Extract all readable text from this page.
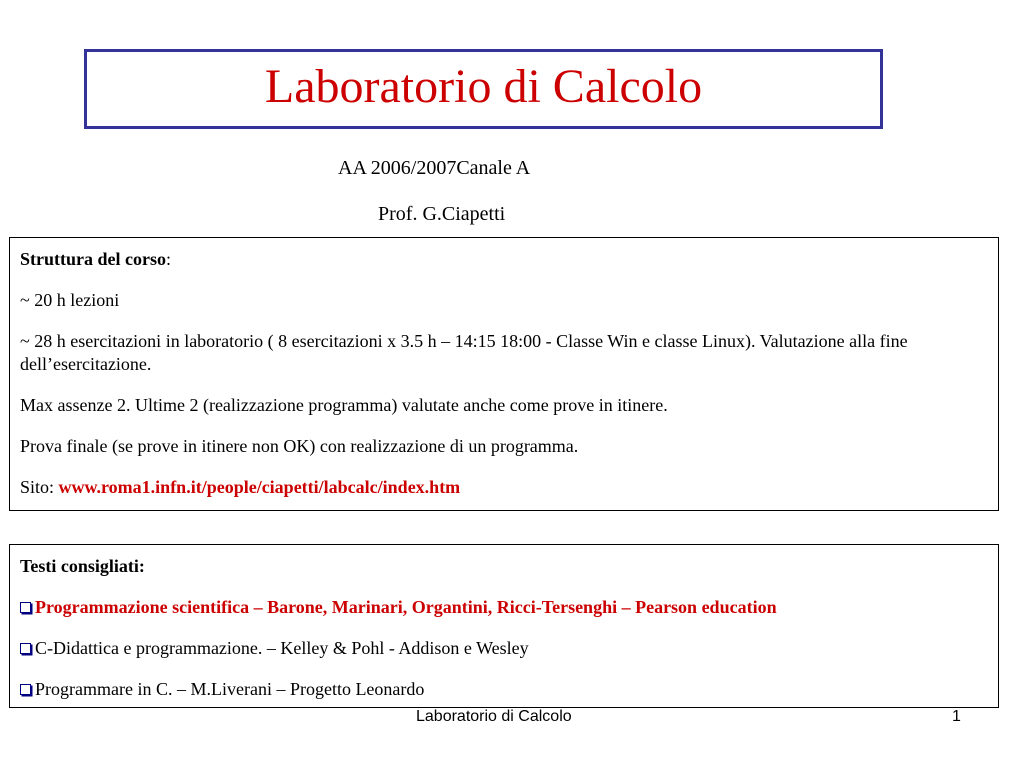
Laboratorio di Calcolo
AA 2006/2007Canale A
Prof. G.Ciapetti

Struttura del corso:

~ 20 h lezioni

~ 28 h esercitazioni in laboratorio ( 8 esercitazioni x 3.5 h – 14:15 18:00 - Classe Win e classe Linux). Valutazione alla fine dell’esercitazione.

Max assenze 2. Ultime 2 (realizzazione programma) valutate anche come prove in itinere.

Prova finale (se prove in itinere non OK) con realizzazione di un programma.

Sito: www.roma1.infn.it/people/ciapetti/labcalc/index.htm

Testi consigliati:

Programmazione scientifica – Barone, Marinari, Organtini, Ricci-Tersenghi – Pearson education

C-Didattica e programmazione. – Kelley & Pohl - Addison e Wesley

Programmare in C. – M.Liverani – Progetto Leonardo

Laboratorio di Calcolo	1
